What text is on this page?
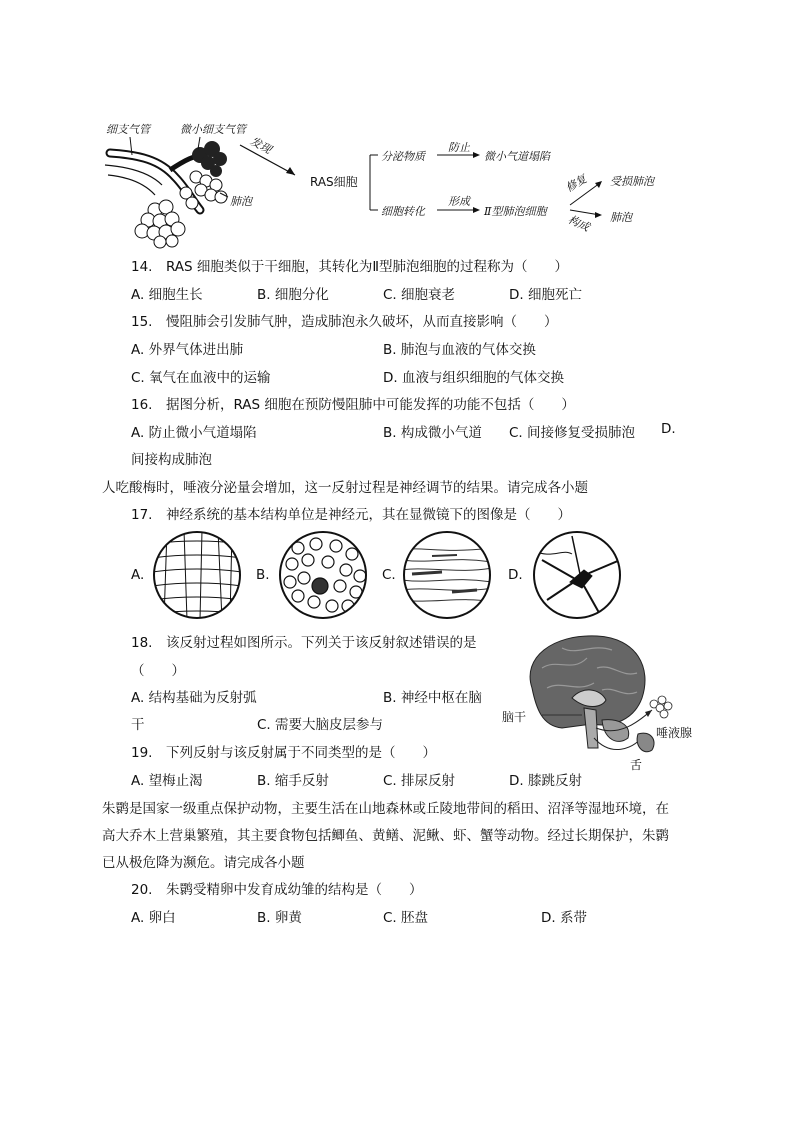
细支气管	微小细支气管
肺泡
发现
RAS细胞
分泌物质
防止
微小气道塌陷
细胞转化
形成
Ⅱ型肺泡细胞
修复 受损肺泡
构成 肺泡
14.　RAS 细胞类似于干细胞，其转化为Ⅱ型肺泡细胞的过程称为（　　）
A. 细胞生长	B. 细胞分化	C. 细胞衰老	D. 细胞死亡
15.　慢阻肺会引发肺气肿，造成肺泡永久破坏，从而直接影响（　　）
A. 外界气体进出肺	B. 肺泡与血液的气体交换
C. 氧气在血液中的运输	D. 血液与组织细胞的气体交换
16.　据图分析，RAS 细胞在预防慢阻肺中可能发挥的功能不包括（　　）
A. 防止微小气道塌陷	B. 构成微小气道 C. 间接修复受损肺泡 D.
间接构成肺泡
人吃酸梅时，唾液分泌量会增加，这一反射过程是神经调节的结果。请完成各小题
17.　神经系统的基本结构单位是神经元，其在显微镜下的图像是（　　）
A.	B.	C.	D.
18.　该反射过程如图所示。下列关于该反射叙述错误的是
（　　）
A. 结构基础为反射弧	B. 神经中枢在脑
干	C. 需要大脑皮层参与	脑干
唾液腺
舌
19.　下列反射与该反射属于不同类型的是（　　）
A. 望梅止渴	B. 缩手反射	C. 排尿反射	D. 膝跳反射
朱鹮是国家一级重点保护动物，主要生活在山地森林或丘陵地带间的稻田、沼泽等湿地环境，在
高大乔木上营巢繁殖，其主要食物包括鲫鱼、黄鳝、泥鳅、虾、蟹等动物。经过长期保护，朱鹮
已从极危降为濒危。请完成各小题
20.　朱鹮受精卵中发育成幼雏的结构是（　　）
A. 卵白	B. 卵黄	C. 胚盘	D. 系带
